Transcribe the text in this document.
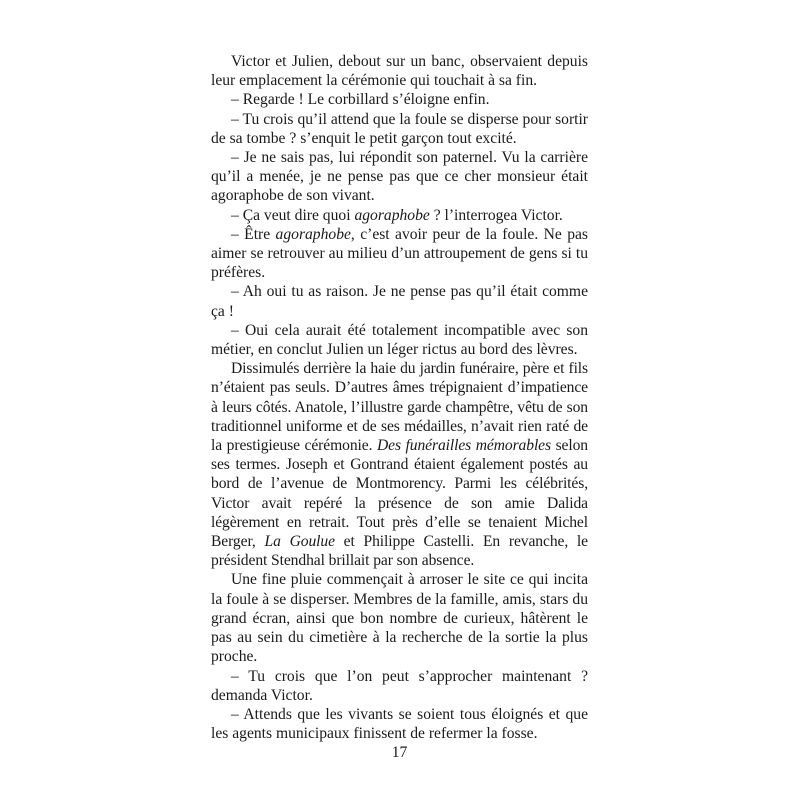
Victor et Julien, debout sur un banc, observaient depuis leur emplacement la cérémonie qui touchait à sa fin.

– Regarde ! Le corbillard s’éloigne enfin.

– Tu crois qu’il attend que la foule se disperse pour sortir de sa tombe ? s’enquit le petit garçon tout excité.

– Je ne sais pas, lui répondit son paternel. Vu la carrière qu’il a menée, je ne pense pas que ce cher monsieur était agoraphobe de son vivant.

– Ça veut dire quoi agoraphobe ? l’interrogea Victor.

– Être agoraphobe, c’est avoir peur de la foule. Ne pas aimer se retrouver au milieu d’un attroupement de gens si tu préfères.

– Ah oui tu as raison. Je ne pense pas qu’il était comme ça !

– Oui cela aurait été totalement incompatible avec son métier, en conclut Julien un léger rictus au bord des lèvres.

Dissimulés derrière la haie du jardin funéraire, père et fils n’étaient pas seuls. D’autres âmes trépignaient d’impatience à leurs côtés. Anatole, l’illustre garde champêtre, vêtu de son traditionnel uniforme et de ses médailles, n’avait rien raté de la prestigieuse cérémonie. Des funérailles mémorables selon ses termes. Joseph et Gontrand étaient également postés au bord de l’avenue de Montmorency. Parmi les célébrités, Victor avait repéré la présence de son amie Dalida légèrement en retrait. Tout près d’elle se tenaient Michel Berger, La Goulue et Philippe Castelli. En revanche, le président Stendhal brillait par son absence.

Une fine pluie commençait à arroser le site ce qui incita la foule à se disperser. Membres de la famille, amis, stars du grand écran, ainsi que bon nombre de curieux, hâtèrent le pas au sein du cimetière à la recherche de la sortie la plus proche.

– Tu crois que l’on peut s’approcher maintenant ? demanda Victor.

– Attends que les vivants se soient tous éloignés et que les agents municipaux finissent de refermer la fosse.

17
